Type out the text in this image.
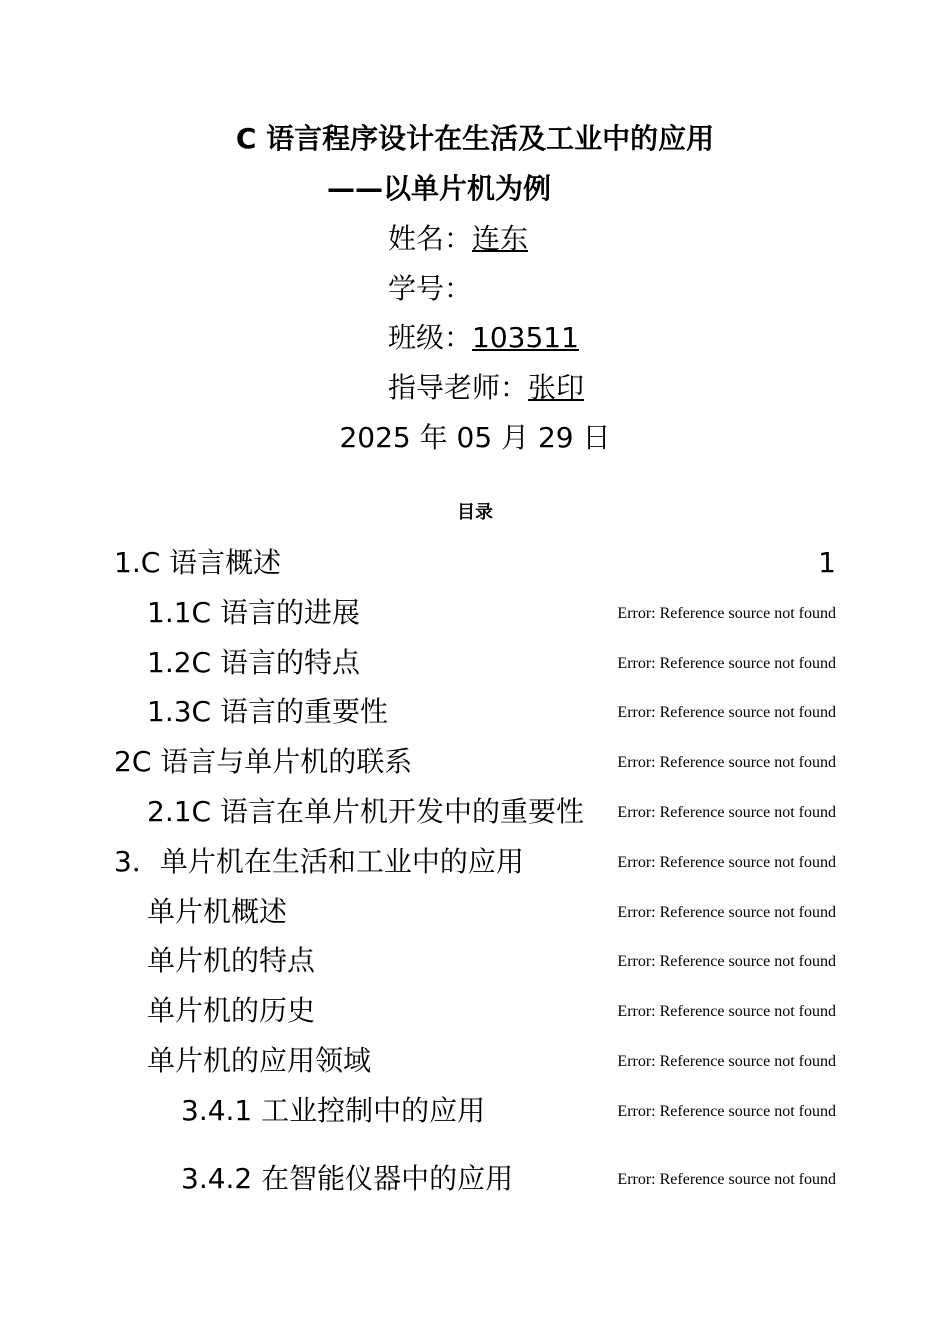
C 语言程序设计在生活及工业中的应用
——以单片机为例
姓名：连东
学号：
班级：103511
指导老师：张印
2025 年 05 月 29 日
目录
1.C 语言概述	1
1.1C 语言的进展	Error: Reference source not found
1.2C 语言的特点	Error: Reference source not found
1.3C 语言的重要性	Error: Reference source not found
2C 语言与单片机的联系	Error: Reference source not found
2.1C 语言在单片机开发中的重要性 Error: Reference source not found
3．单片机在生活和工业中的应用	Error: Reference source not found
单片机概述	Error: Reference source not found
单片机的特点	Error: Reference source not found
单片机的历史	Error: Reference source not found
单片机的应用领域	Error: Reference source not found
3.4.1 工业控制中的应用	Error: Reference source not found
3.4.2 在智能仪器中的应用	Error: Reference source not found
